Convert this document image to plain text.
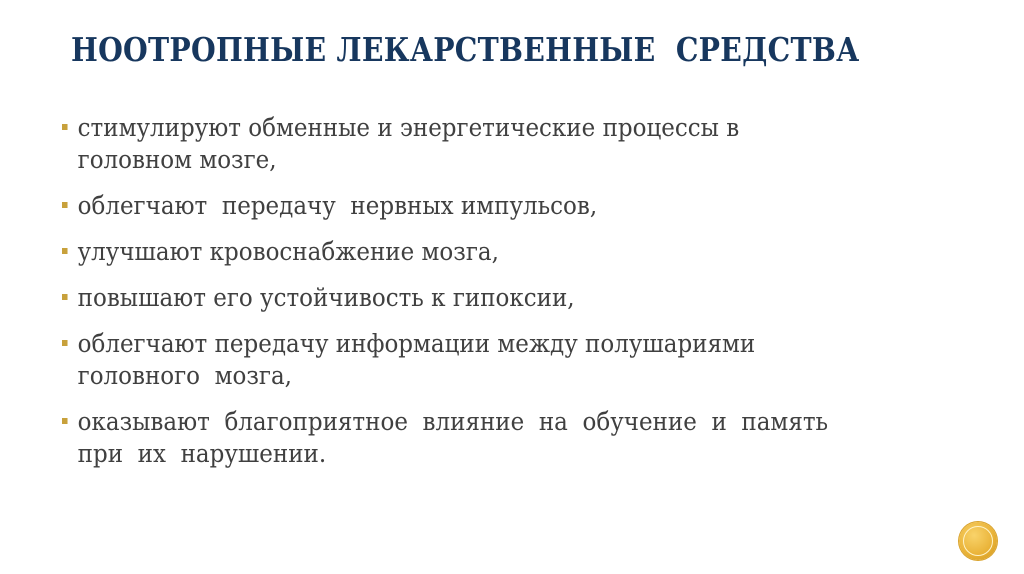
НООТРОПНЫЕ ЛЕКАРСТВЕННЫЕ  СРЕДСТВА
стимулируют обменные и энергетические процессы в
головном мозге,
облегчают  передачу  нервных импульсов,
улучшают кровоснабжение мозга,
повышают его устойчивость к гипоксии,
облегчают передачу информации между полушариями
головного  мозга,
оказывают  благоприятное  влияние  на  обучение  и  память
при  их  нарушении.
